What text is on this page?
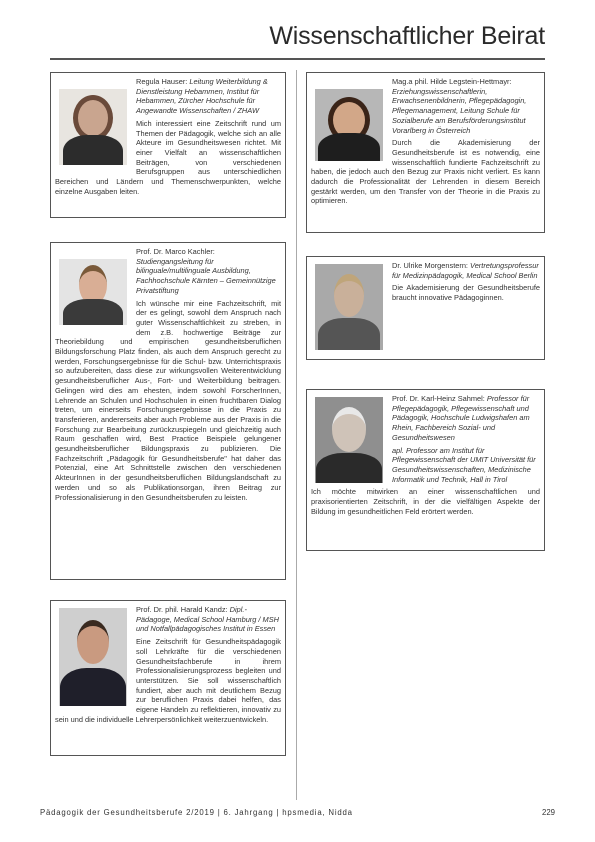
Wissenschaftlicher Beirat
Regula Hauser: Leitung Weiterbildung & Dienstleistung Hebammen, Institut für Hebammen, Zürcher Hochschule für Angewandte Wissenschaften / ZHAW

Mich interessiert eine Zeitschrift rund um Themen der Pädagogik, welche sich an alle Akteure im Gesundheitswesen richtet. Mit einer Vielfalt an wissenschaftlichen Beiträgen, von verschiedenen Berufsgruppen aus unterschiedlichen Bereichen und Ländern und Themenschwerpunkten, welche einzelne Ausgaben leiten.

Mag.a phil. Hilde Legstein-Hettmayr: Erziehungswissenschaftlerin, Erwachsenenbildnerin, Pflegepädagogin, Pflegemanagement, Leitung Schule für Sozialberufe am Berufsförderungsinstitut Vorarlberg in Österreich

Durch die Akademisierung der Gesundheitsberufe ist es notwendig, eine wissenschaftlich fundierte Fachzeitschrift zu haben, die jedoch auch den Bezug zur Praxis nicht verliert. Es kann dadurch die Professionalität der Lehrenden in diesem Bereich gestärkt werden, um den Transfer von der Theorie in die Praxis zu optimieren.

Prof. Dr. Marco Kachler: Studiengangsleitung für bilinguale/multilinguale Ausbildung, Fachhochschule Kärnten – Gemeinnützige Privatstiftung

Ich wünsche mir eine Fachzeitschrift, mit der es gelingt, sowohl dem Anspruch nach guter Wissenschaftlichkeit zu streben, in dem z.B. hochwertige Beiträge zur Theoriebildung und empirischen gesundheitsberuflichen Bildungsforschung Platz finden, als auch dem Anspruch gerecht zu werden, Forschungsergebnisse für die Schul- bzw. Unterrichtspraxis so aufzubereiten, dass diese zur wirkungsvollen Weiterentwicklung gesundheitsberuflicher Aus-, Fort- und Weiterbildung beitragen. Gelingen wird dies am ehesten, indem sowohl ForscherInnen, Lehrende an Schulen und Hochschulen in einen fruchtbaren Dialog treten, um einerseits Forschungsergebnisse in die Praxis zu transferieren, andererseits aber auch Probleme aus der Praxis in die Forschung zur Bearbeitung zurückzuspiegeln und gleichzeitig auch Raum geschaffen wird, Best Practice Beispiele gelungener gesundheitsberuflicher Bildungspraxis zu publizieren. Die Fachzeitschrift „Pädagogik für Gesundheitsberufe" hat daher das Potenzial, eine Art Schnittstelle zwischen den verschiedenen AkteurInnen in der gesundheitsberuflichen Bildungslandschaft zu werden und so als Publikationsorgan, ihren Beitrag zur Professionalisierung in den Gesundheitsberufen zu leisten.

Dr. Ulrike Morgenstern: Vertretungsprofessur für Medizinpädagogik, Medical School Berlin

Die Akademisierung der Gesundheitsberufe braucht innovative Pädagoginnen.

Prof. Dr. Karl-Heinz Sahmel: Professor für Pflegepädagogik, Pflegewissenschaft und Pädagogik, Hochschule Ludwigshafen am Rhein, Fachbereich Sozial- und Gesundheitswesen
apl. Professor am Institut für Pflegewissenschaft der UMIT Universität für Gesundheitswissenschaften, Medizinische Informatik und Technik, Hall in Tirol

Ich möchte mitwirken an einer wissenschaftlichen und praxisorientierten Zeitschrift, in der die vielfältigen Aspekte der Bildung im gesundheitlichen Feld erörtert werden.

Prof. Dr. phil. Harald Kandz: Dipl.-Pädagoge, Medical School Hamburg / MSH und Notfallpädagogisches Institut in Essen

Eine Zeitschrift für Gesundheitspädagogik soll Lehrkräfte für die verschiedenen Gesundheitsfachberufe in ihrem Professionalisierungsprozess begleiten und unterstützen. Sie soll wissenschaftlich fundiert, aber auch mit deutlichem Bezug zur beruflichen Praxis dabei helfen, das eigene Handeln zu reflektieren, innovativ zu sein und die individuelle Lehrerpersönlichkeit weiterzuentwickeln.

Pädagogik der Gesundheitsberufe 2/2019 | 6. Jahrgang | hpsmedia, Nidda	229
